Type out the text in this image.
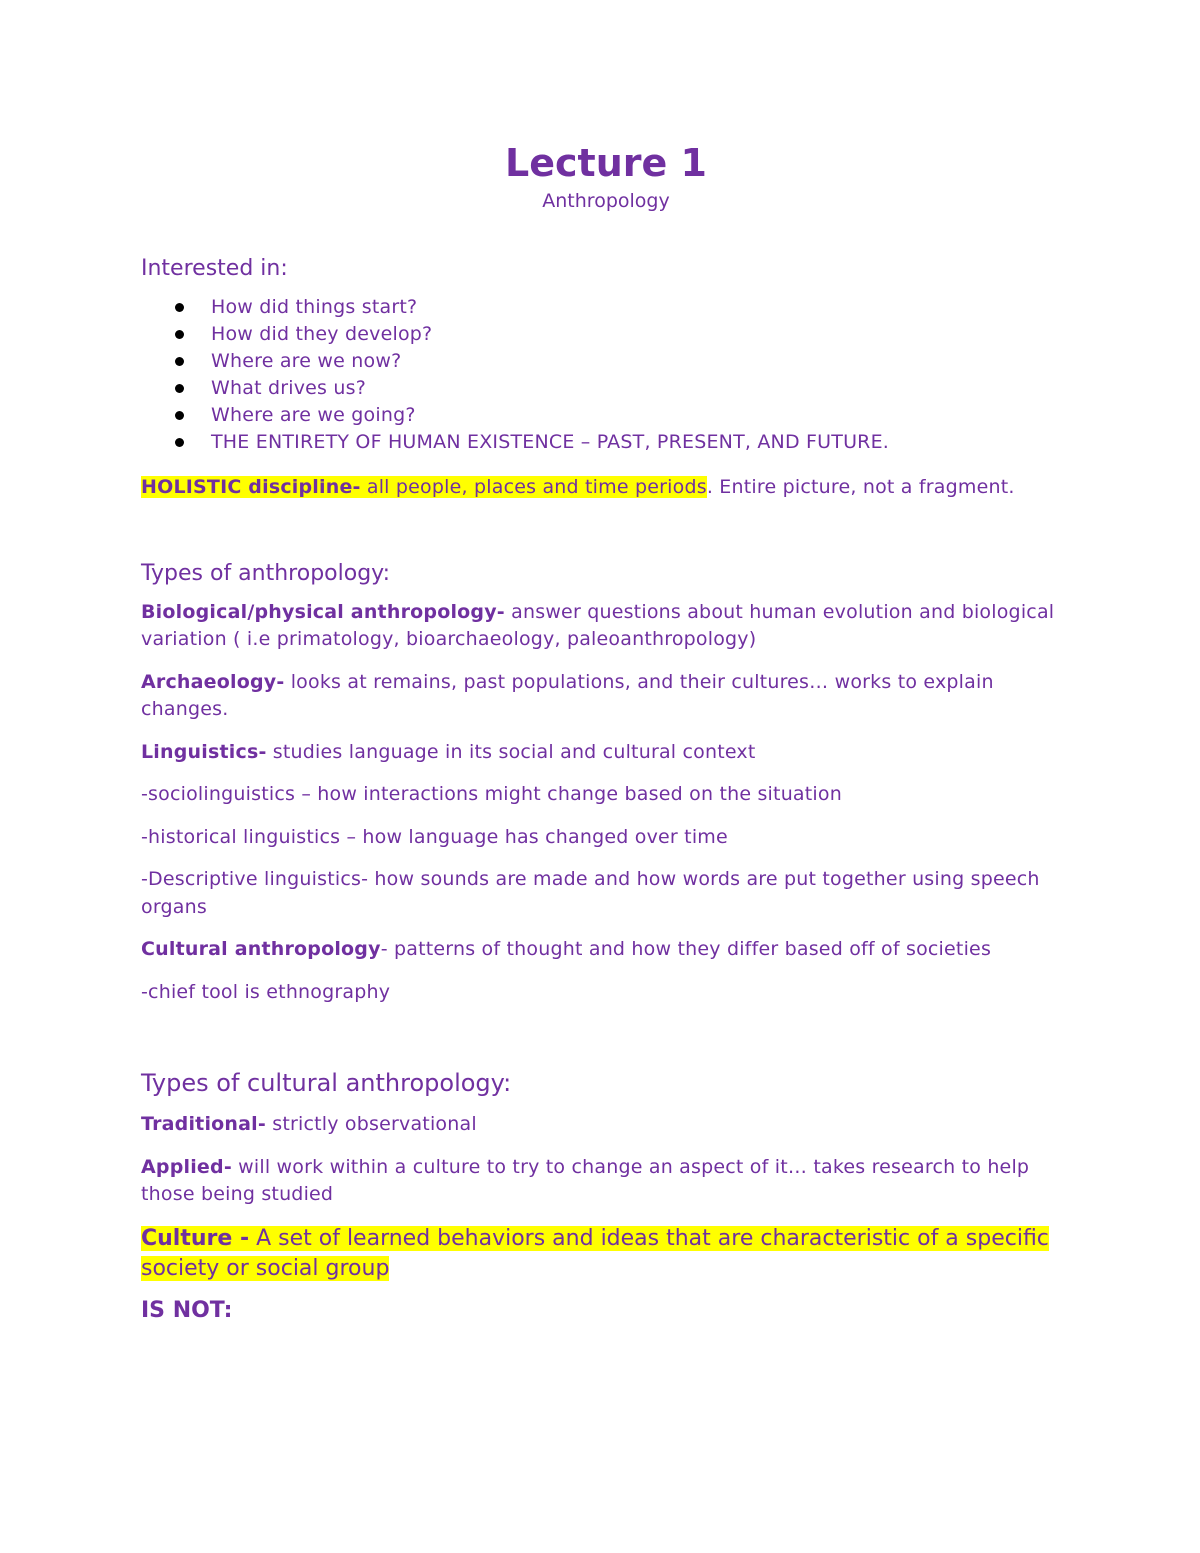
Lecture 1

Anthropology

Interested in:
How did things start?
How did they develop?
Where are we now?
What drives us?
Where are we going?
THE ENTIRETY OF HUMAN EXISTENCE – PAST, PRESENT, AND FUTURE.

HOLISTIC discipline- all people, places and time periods. Entire picture, not a fragment.

Types of anthropology:

Biological/physical anthropology- answer questions about human evolution and biological variation ( i.e primatology, bioarchaeology, paleoanthropology)

Archaeology- looks at remains, past populations, and their cultures… works to explain changes.

Linguistics- studies language in its social and cultural context

-sociolinguistics – how interactions might change based on the situation

-historical linguistics – how language has changed over time

-Descriptive linguistics- how sounds are made and how words are put together using speech organs

Cultural anthropology- patterns of thought and how they differ based off of societies

-chief tool is ethnography

Types of cultural anthropology:

Traditional- strictly observational

Applied- will work within a culture to try to change an aspect of it… takes research to help those being studied

Culture - A set of learned behaviors and ideas that are characteristic of a specific society or social group

IS NOT:
